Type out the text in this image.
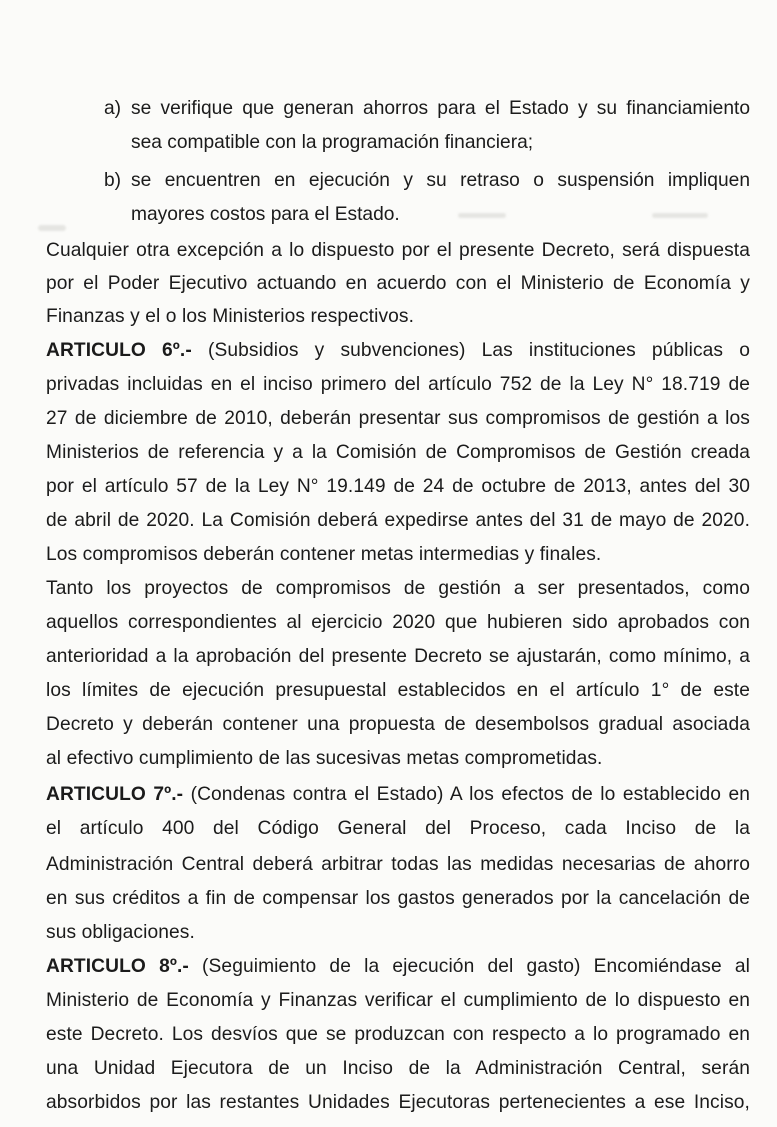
a) se verifique que generan ahorros para el Estado y su financiamiento
sea compatible con la programación financiera;
b) se encuentren en ejecución y su retraso o suspensión impliquen
mayores costos para el Estado.
Cualquier otra excepción a lo dispuesto por el presente Decreto, será dispuesta
por el Poder Ejecutivo actuando en acuerdo con el Ministerio de Economía y
Finanzas y el o los Ministerios respectivos.
ARTICULO 6º.- (Subsidios y subvenciones) Las instituciones públicas o
privadas incluidas en el inciso primero del artículo 752 de la Ley N° 18.719 de
27 de diciembre de 2010, deberán presentar sus compromisos de gestión a los
Ministerios de referencia y a la Comisión de Compromisos de Gestión creada
por el artículo 57 de la Ley N° 19.149 de 24 de octubre de 2013, antes del 30
de abril de 2020. La Comisión deberá expedirse antes del 31 de mayo de 2020.
Los compromisos deberán contener metas intermedias y finales.
Tanto los proyectos de compromisos de gestión a ser presentados, como
aquellos correspondientes al ejercicio 2020 que hubieren sido aprobados con
anterioridad a la aprobación del presente Decreto se ajustarán, como mínimo, a
los límites de ejecución presupuestal establecidos en el artículo 1° de este
Decreto y deberán contener una propuesta de desembolsos gradual asociada
al efectivo cumplimiento de las sucesivas metas comprometidas.
ARTICULO 7º.- (Condenas contra el Estado) A los efectos de lo establecido en
el artículo 400 del Código General del Proceso, cada Inciso de la
Administración Central deberá arbitrar todas las medidas necesarias de ahorro
en sus créditos a fin de compensar los gastos generados por la cancelación de
sus obligaciones.
ARTICULO 8º.- (Seguimiento de la ejecución del gasto) Encomiéndase al
Ministerio de Economía y Finanzas verificar el cumplimiento de lo dispuesto en
este Decreto. Los desvíos que se produzcan con respecto a lo programado en
una Unidad Ejecutora de un Inciso de la Administración Central, serán
absorbidos por las restantes Unidades Ejecutoras pertenecientes a ese Inciso,
